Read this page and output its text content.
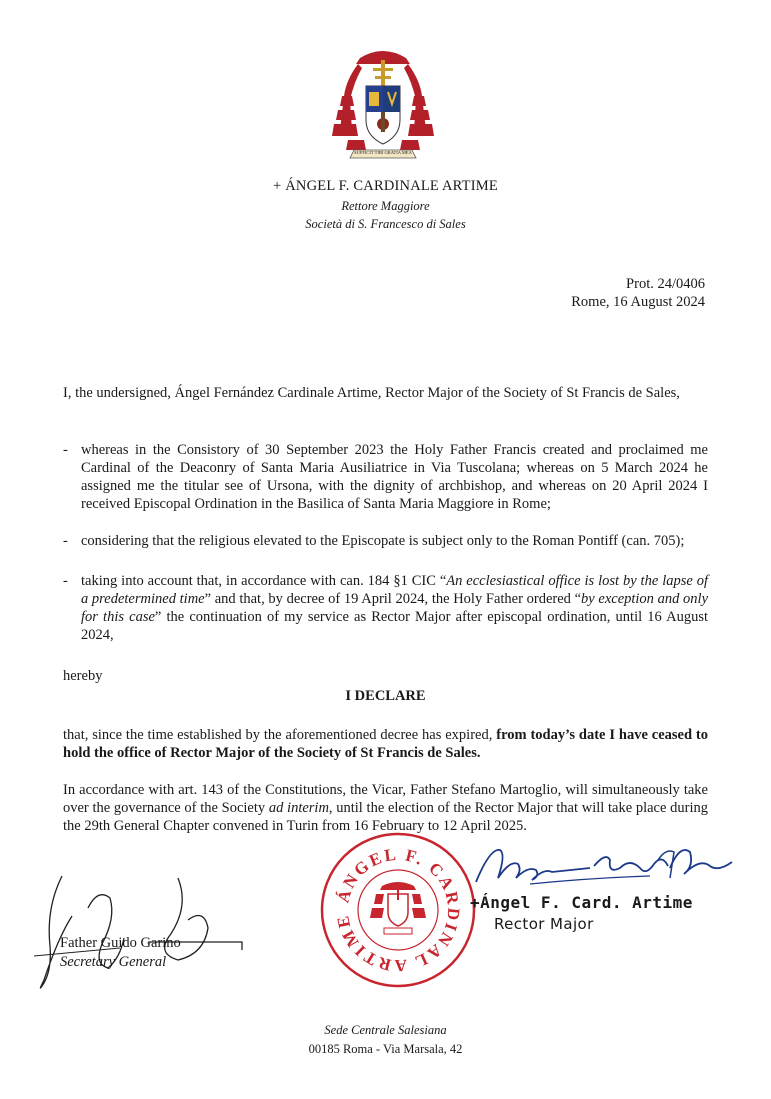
SUFFICIT TIBI GRATIA MEA
+ ÁNGEL F. CARDINALE ARTIME
Rettore Maggiore
Società di S. Francesco di Sales
Prot. 24/0406
Rome, 16 August 2024
I, the undersigned, Ángel Fernández Cardinale Artime, Rector Major of the Society of St Francis de Sales,
- whereas in the Consistory of 30 September 2023 the Holy Father Francis created and proclaimed me Cardinal of the Deaconry of Santa Maria Ausiliatrice in Via Tuscolana; whereas on 5 March 2024 he assigned me the titular see of Ursona, with the dignity of archbishop, and whereas on 20 April 2024 I received Episcopal Ordination in the Basilica of Santa Maria Maggiore in Rome;
- considering that the religious elevated to the Episcopate is subject only to the Roman Pontiff (can. 705);
- taking into account that, in accordance with can. 184 §1 CIC “An ecclesiastical office is lost by the lapse of a predetermined time” and that, by decree of 19 April 2024, the Holy Father ordered “by exception and only for this case” the continuation of my service as Rector Major after episcopal ordination, until 16 August 2024,
hereby
I DECLARE
that, since the time established by the aforementioned decree has expired, from today’s date I have ceased to hold the office of Rector Major of the Society of St Francis de Sales.
In accordance with art. 143 of the Constitutions, the Vicar, Father Stefano Martoglio, will simultaneously take over the governance of the Society ad interim, until the election of the Rector Major that will take place during the 29th General Chapter convened in Turin from 16 February to 12 April 2025.
ÁNGEL F. CARDINAL ARTIME
+Ángel F. Card. Artime
Rector Major
Father Guido Garino
Secretary General
Sede Centrale Salesiana
00185 Roma - Via Marsala, 42
